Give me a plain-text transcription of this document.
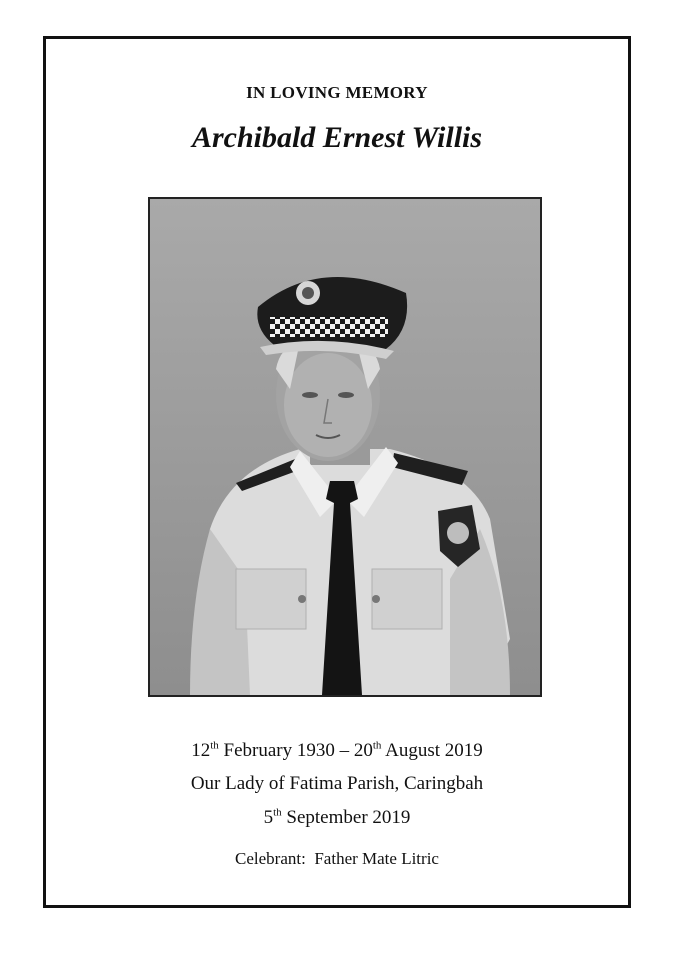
IN LOVING MEMORY
Archibald Ernest Willis
12th February 1930 – 20th August 2019
Our Lady of Fatima Parish, Caringbah
5th September 2019
Celebrant: Father Mate Litric
